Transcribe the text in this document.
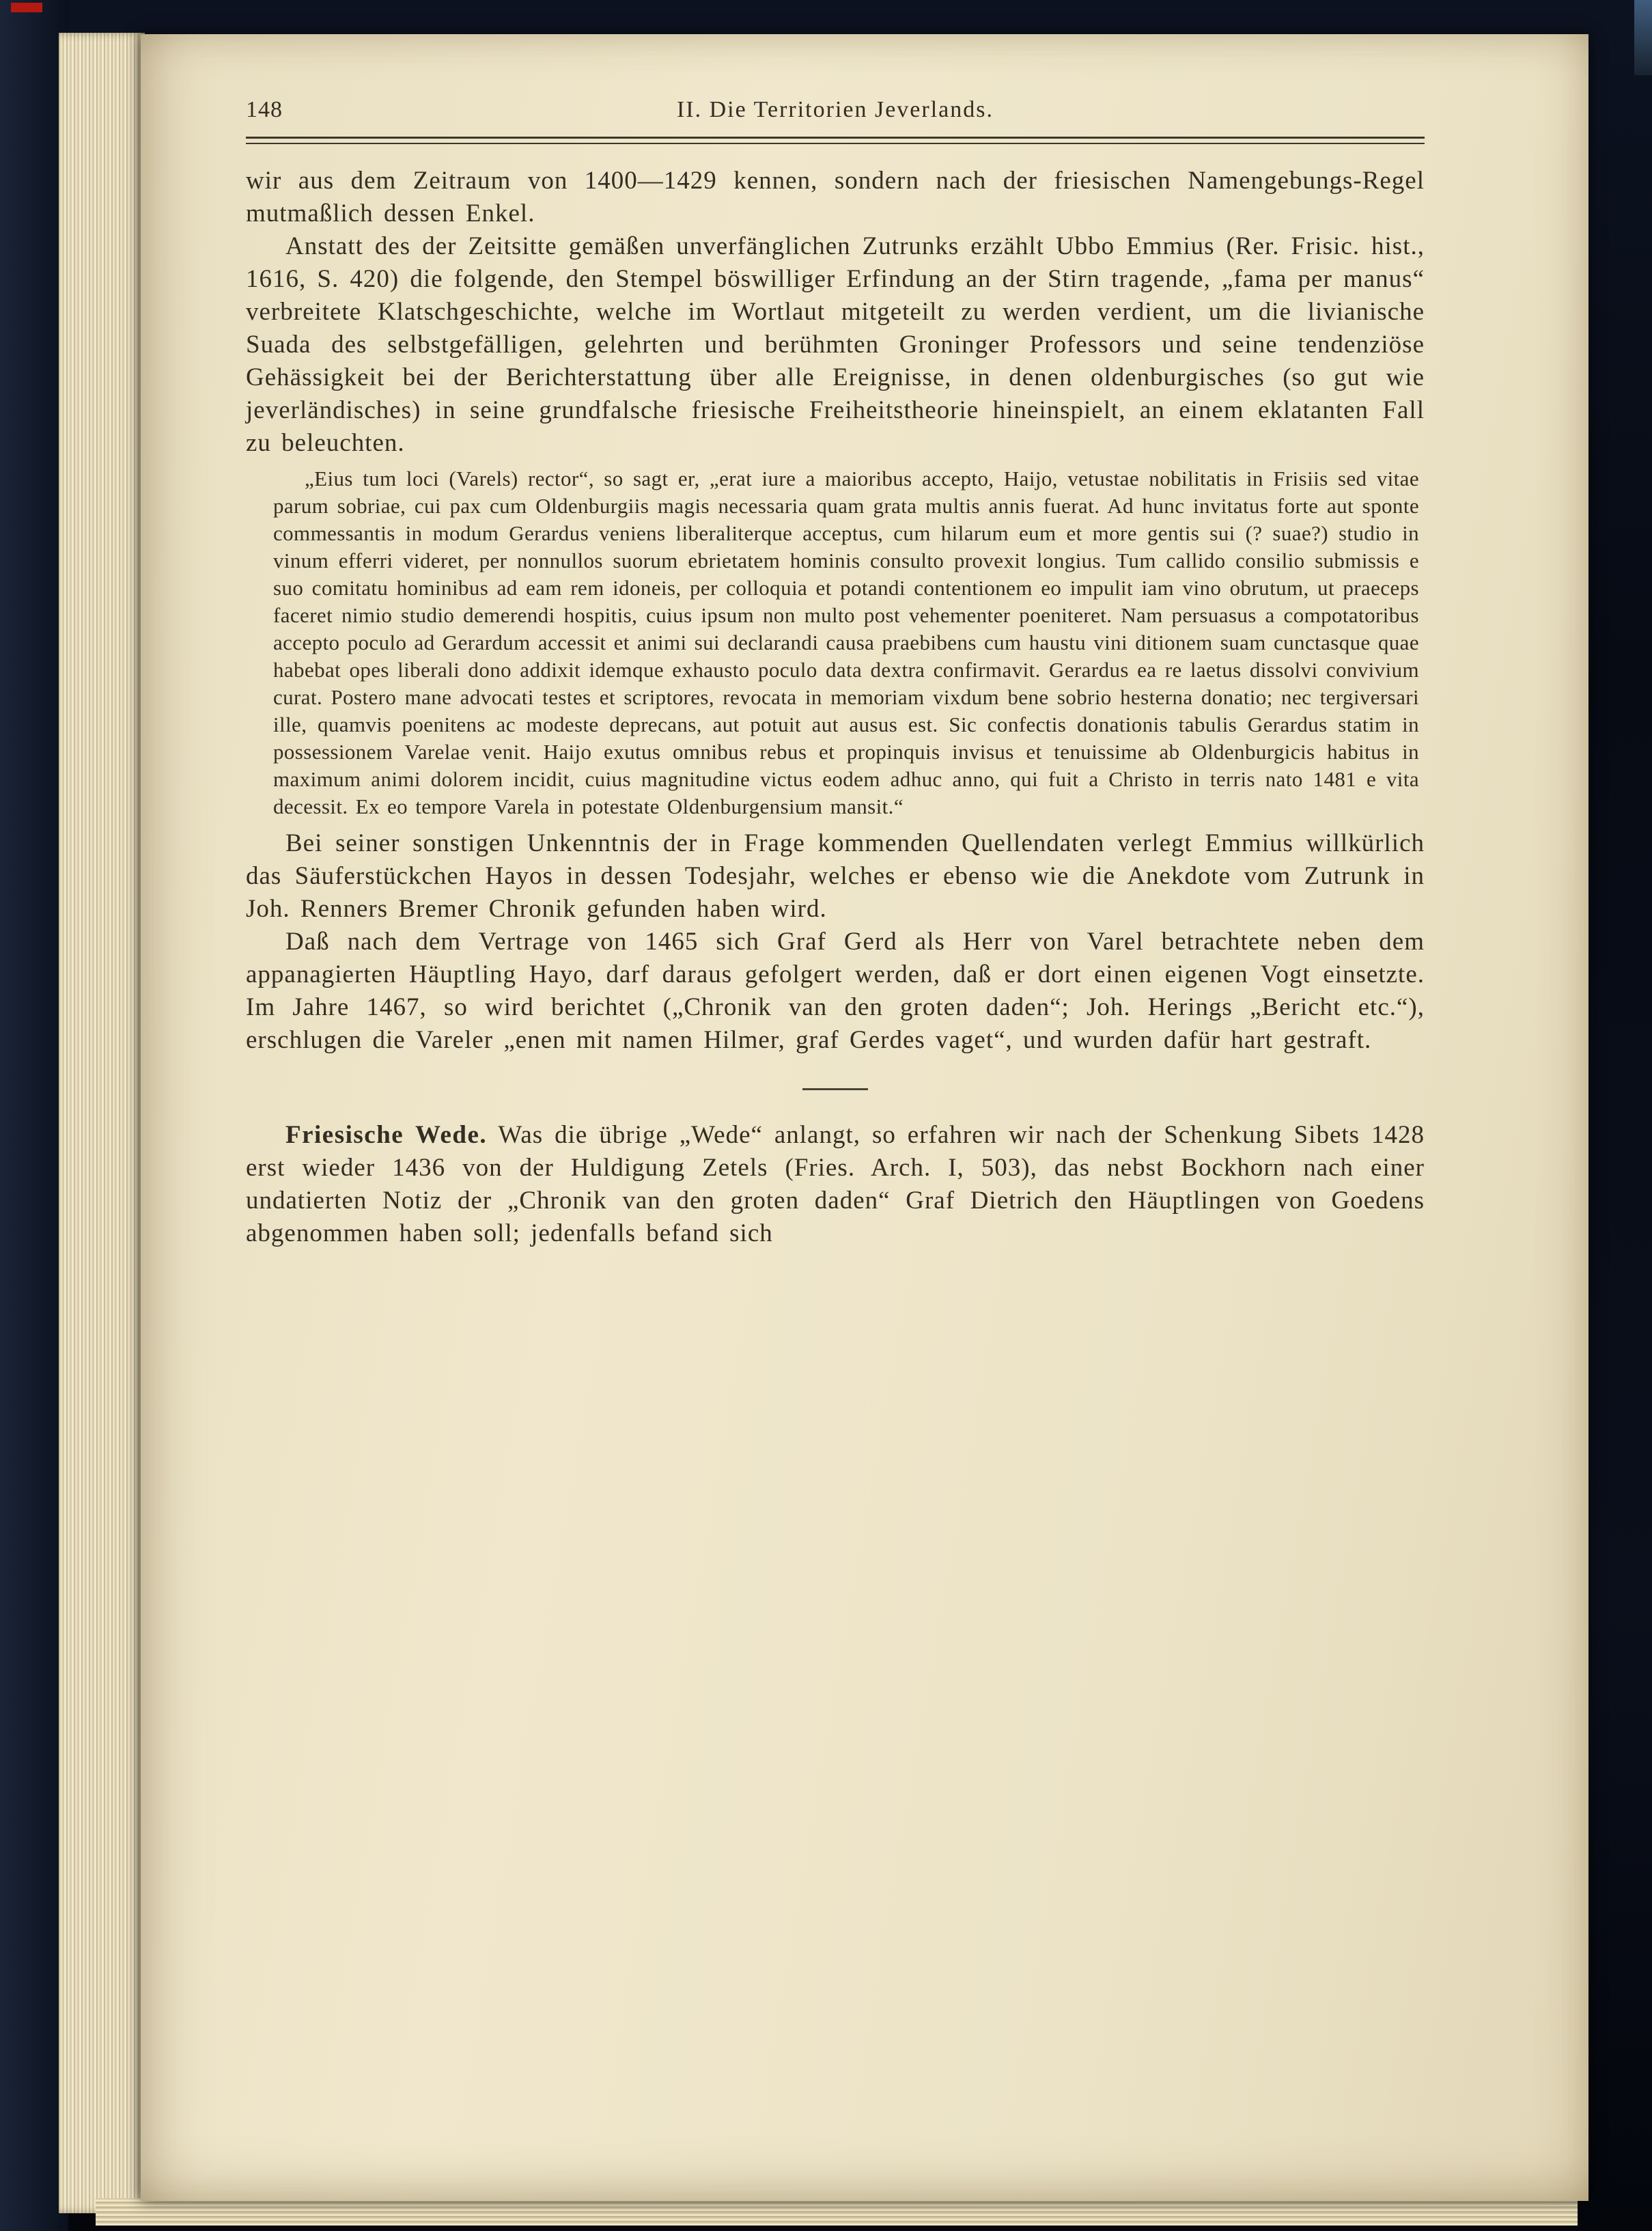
148	II. Die Territorien Jeverlands.

wir aus dem Zeitraum von 1400—1429 kennen, sondern nach der friesischen Namengebungs-Regel mutmaßlich dessen Enkel.

Anstatt des der Zeitsitte gemäßen unverfänglichen Zutrunks erzählt Ubbo Emmius (Rer. Frisic. hist., 1616, S. 420) die folgende, den Stempel böswilliger Erfindung an der Stirn tragende, „fama per manus“ verbreitete Klatschgeschichte, welche im Wortlaut mitgeteilt zu werden verdient, um die livianische Suada des selbstgefälligen, gelehrten und berühmten Groninger Professors und seine tendenziöse Gehässigkeit bei der Berichterstattung über alle Ereignisse, in denen oldenburgisches (so gut wie jeverländisches) in seine grundfalsche friesische Freiheitstheorie hineinspielt, an einem eklatanten Fall zu beleuchten.

„Eius tum loci (Varels) rector“, so sagt er, „erat iure a maioribus accepto, Haijo, vetustae nobilitatis in Frisiis sed vitae parum sobriae, cui pax cum Oldenburgiis magis necessaria quam grata multis annis fuerat. Ad hunc invitatus forte aut sponte commessantis in modum Gerardus veniens liberaliterque acceptus, cum hilarum eum et more gentis sui (? suae?) studio in vinum efferri videret, per nonnullos suorum ebrietatem hominis consulto provexit longius. Tum callido consilio submissis e suo comitatu hominibus ad eam rem idoneis, per colloquia et potandi contentionem eo impulit iam vino obrutum, ut praeceps faceret nimio studio demerendi hospitis, cuius ipsum non multo post vehementer poeniteret. Nam persuasus a compotatoribus accepto poculo ad Gerardum accessit et animi sui declarandi causa praebibens cum haustu vini ditionem suam cunctasque quae habebat opes liberali dono addixit idemque exhausto poculo data dextra confirmavit. Gerardus ea re laetus dissolvi convivium curat. Postero mane advocati testes et scriptores, revocata in memoriam vixdum bene sobrio hesterna donatio; nec tergiversari ille, quamvis poenitens ac modeste deprecans, aut potuit aut ausus est. Sic confectis donationis tabulis Gerardus statim in possessionem Varelae venit. Haijo exutus omnibus rebus et propinquis invisus et tenuissime ab Oldenburgicis habitus in maximum animi dolorem incidit, cuius magnitudine victus eodem adhuc anno, qui fuit a Christo in terris nato 1481 e vita decessit. Ex eo tempore Varela in potestate Oldenburgensium mansit.“

Bei seiner sonstigen Unkenntnis der in Frage kommenden Quellendaten verlegt Emmius willkürlich das Säuferstückchen Hayos in dessen Todesjahr, welches er ebenso wie die Anekdote vom Zutrunk in Joh. Renners Bremer Chronik gefunden haben wird.

Daß nach dem Vertrage von 1465 sich Graf Gerd als Herr von Varel betrachtete neben dem appanagierten Häuptling Hayo, darf daraus gefolgert werden, daß er dort einen eigenen Vogt einsetzte. Im Jahre 1467, so wird berichtet („Chronik van den groten daden“; Joh. Herings „Bericht etc.“), erschlugen die Vareler „enen mit namen Hilmer, graf Gerdes vaget“, und wurden dafür hart gestraft.

Friesische Wede. Was die übrige „Wede“ anlangt, so erfahren wir nach der Schenkung Sibets 1428 erst wieder 1436 von der Huldigung Zetels (Fries. Arch. I, 503), das nebst Bockhorn nach einer undatierten Notiz der „Chronik van den groten daden“ Graf Dietrich den Häuptlingen von Goedens abgenommen haben soll; jedenfalls befand sich
